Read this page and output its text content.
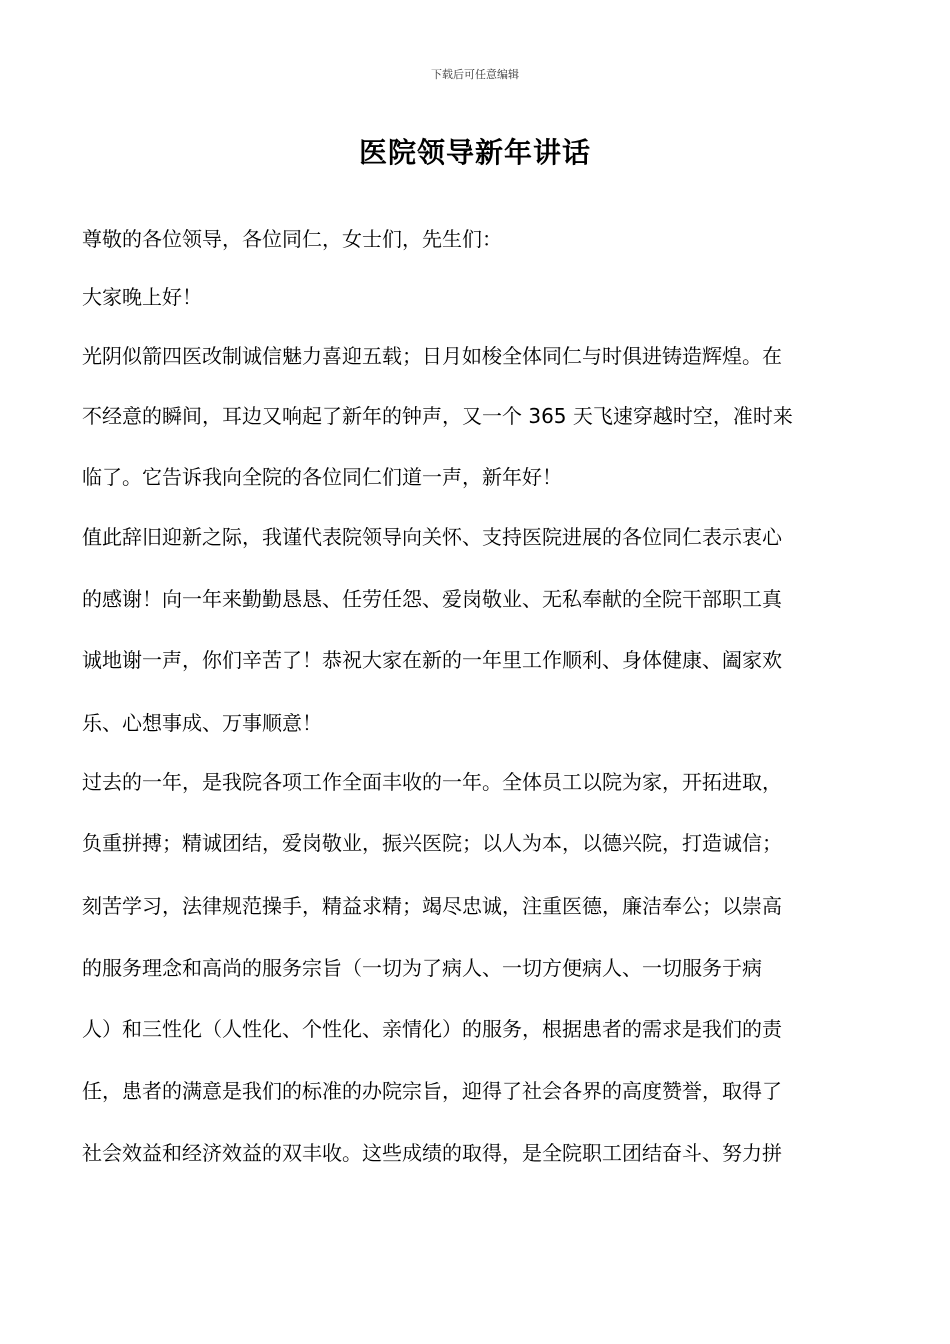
下载后可任意编辑
医院领导新年讲话
尊敬的各位领导，各位同仁，女士们，先生们：
大家晚上好！
光阴似箭四医改制诚信魅力喜迎五载；日月如梭全体同仁与时俱进铸造辉煌。在
不经意的瞬间，耳边又响起了新年的钟声，又一个 365 天飞速穿越时空，准时来
临了。它告诉我向全院的各位同仁们道一声，新年好！
值此辞旧迎新之际，我谨代表院领导向关怀、支持医院进展的各位同仁表示衷心
的感谢！向一年来勤勤恳恳、任劳任怨、爱岗敬业、无私奉献的全院干部职工真
诚地谢一声，你们辛苦了！恭祝大家在新的一年里工作顺利、身体健康、阖家欢
乐、心想事成、万事顺意！
过去的一年，是我院各项工作全面丰收的一年。全体员工以院为家，开拓进取，
负重拼搏；精诚团结，爱岗敬业，振兴医院；以人为本，以德兴院，打造诚信；
刻苦学习，法律规范操手，精益求精；竭尽忠诚，注重医德，廉洁奉公；以崇高
的服务理念和高尚的服务宗旨（一切为了病人、一切方便病人、一切服务于病
人）和三性化（人性化、个性化、亲情化）的服务，根据患者的需求是我们的责
任，患者的满意是我们的标准的办院宗旨，迎得了社会各界的高度赞誉，取得了
社会效益和经济效益的双丰收。这些成绩的取得，是全院职工团结奋斗、努力拼
